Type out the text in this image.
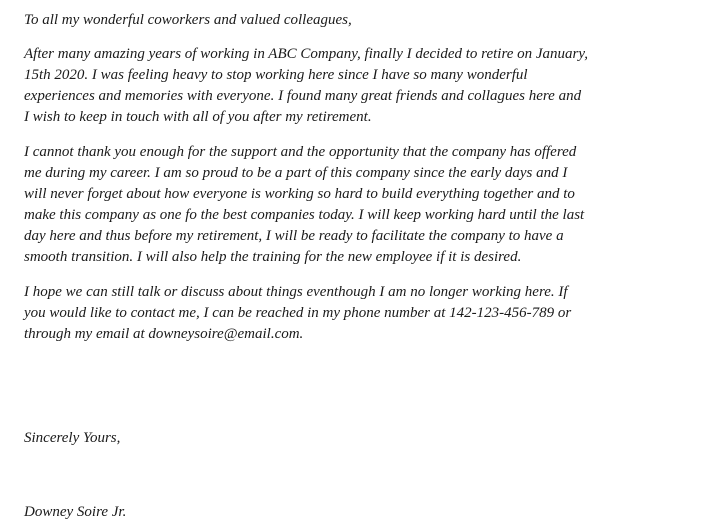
To all my wonderful coworkers and valued colleagues,

After many amazing years of working in ABC Company, finally I decided to retire on January,
15th 2020. I was feeling heavy to stop working here since I have so many wonderful
experiences and memories with everyone. I found many great friends and collagues here and
I wish to keep in touch with all of you after my retirement.

I cannot thank you enough for the support and the opportunity that the company has offered
me during my career. I am so proud to be a part of this company since the early days and I
will never forget about how everyone is working so hard to build everything together and to
make this company as one fo the best companies today. I will keep working hard until the last
day here and thus before my retirement, I will be ready to facilitate the company to have a
smooth transition. I will also help the training for the new employee if it is desired.

I hope we can still talk or discuss about things eventhough I am no longer working here. If
you would like to contact me, I can be reached in my phone number at 142-123-456-789 or
through my email at downeysoire@email.com.

Sincerely Yours,

Downey Soire Jr.
